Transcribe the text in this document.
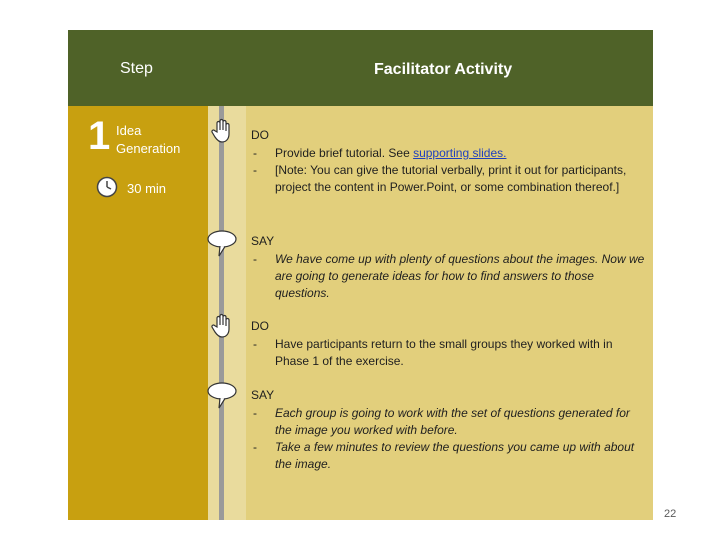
Step	Facilitator Activity
1 Idea Generation
30 min
DO
- Provide brief tutorial. See supporting slides.
- [Note: You can give the tutorial verbally, print it out for participants, project the content in Power.Point, or some combination thereof.]
SAY
- We have come up with plenty of questions about the images. Now we are going to generate ideas for how to find answers to those questions.
DO
- Have participants return to the small groups they worked with in Phase 1 of the exercise.
SAY
- Each group is going to work with the set of questions generated for the image you worked with before.
- Take a few minutes to review the questions you came up with about the image.
22
